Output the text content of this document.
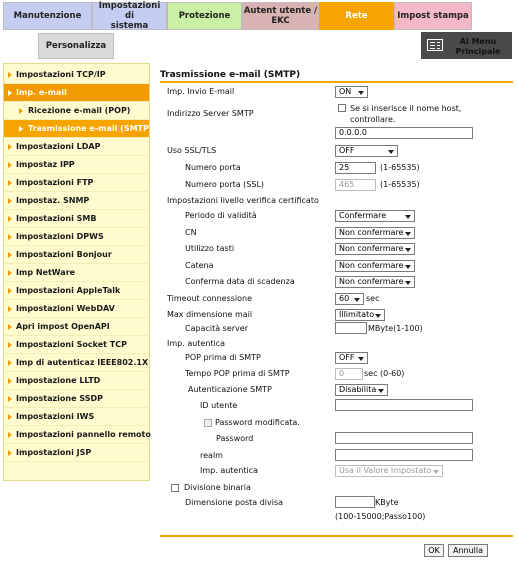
Manutenzione
Impostazioni di
sistema
Protezione Autent utente /
EKC	Rete	Impost stampa
Personalizza	Al Menu
Principale
Impostazioni TCP/IP
Imp. e-mail
Ricezione e-mail (POP)
Trasmissione e-mail (SMTP)
Impostazioni LDAP
Impostaz IPP
Impostazioni FTP
Impostaz. SNMP
Impostazioni SMB
Impostazioni DPWS
Impostazioni Bonjour
Imp NetWare
Impostazioni AppleTalk
Impostazioni WebDAV
Apri impost OpenAPI
Impostazioni Socket TCP
Imp di autenticaz IEEE802.1X
Impostazione LLTD
Impostazione SSDP
Impostazioni IWS
Impostazioni pannello remoto
Impostazioni JSP
Trasmissione e-mail (SMTP)
Imp. Invio E-mail	ON
Indirizzo Server SMTP
Se si inserisce il nome host, controllare.
0.0.0.0
Uso SSL/TLS	OFF
Numero porta	25	(1-65535)
Numero porta (SSL)	465	(1-65535)
Impostazioni livello verifica certificato
Periodo di validità	Confermare
CN	Non confermare
Utilizzo tasti	Non confermare
Catena	Non confermare
Conferma data di scadenza	Non confermare
Timeout connessione	60	sec
Max dimensione mail	Illimitato
Capacità server	MByte(1-100)
Imp. autentica
POP prima di SMTP	OFF
Tempo POP prima di SMTP	0	sec (0-60)
Autenticazione SMTP	Disabilita
ID utente
Password modificata.
Password
realm
Imp. autentica	Usa il Valore Impostato
Divisione binaria
Dimensione posta divisa	KByte
(100-15000;Passo100)
OK	Annulla
